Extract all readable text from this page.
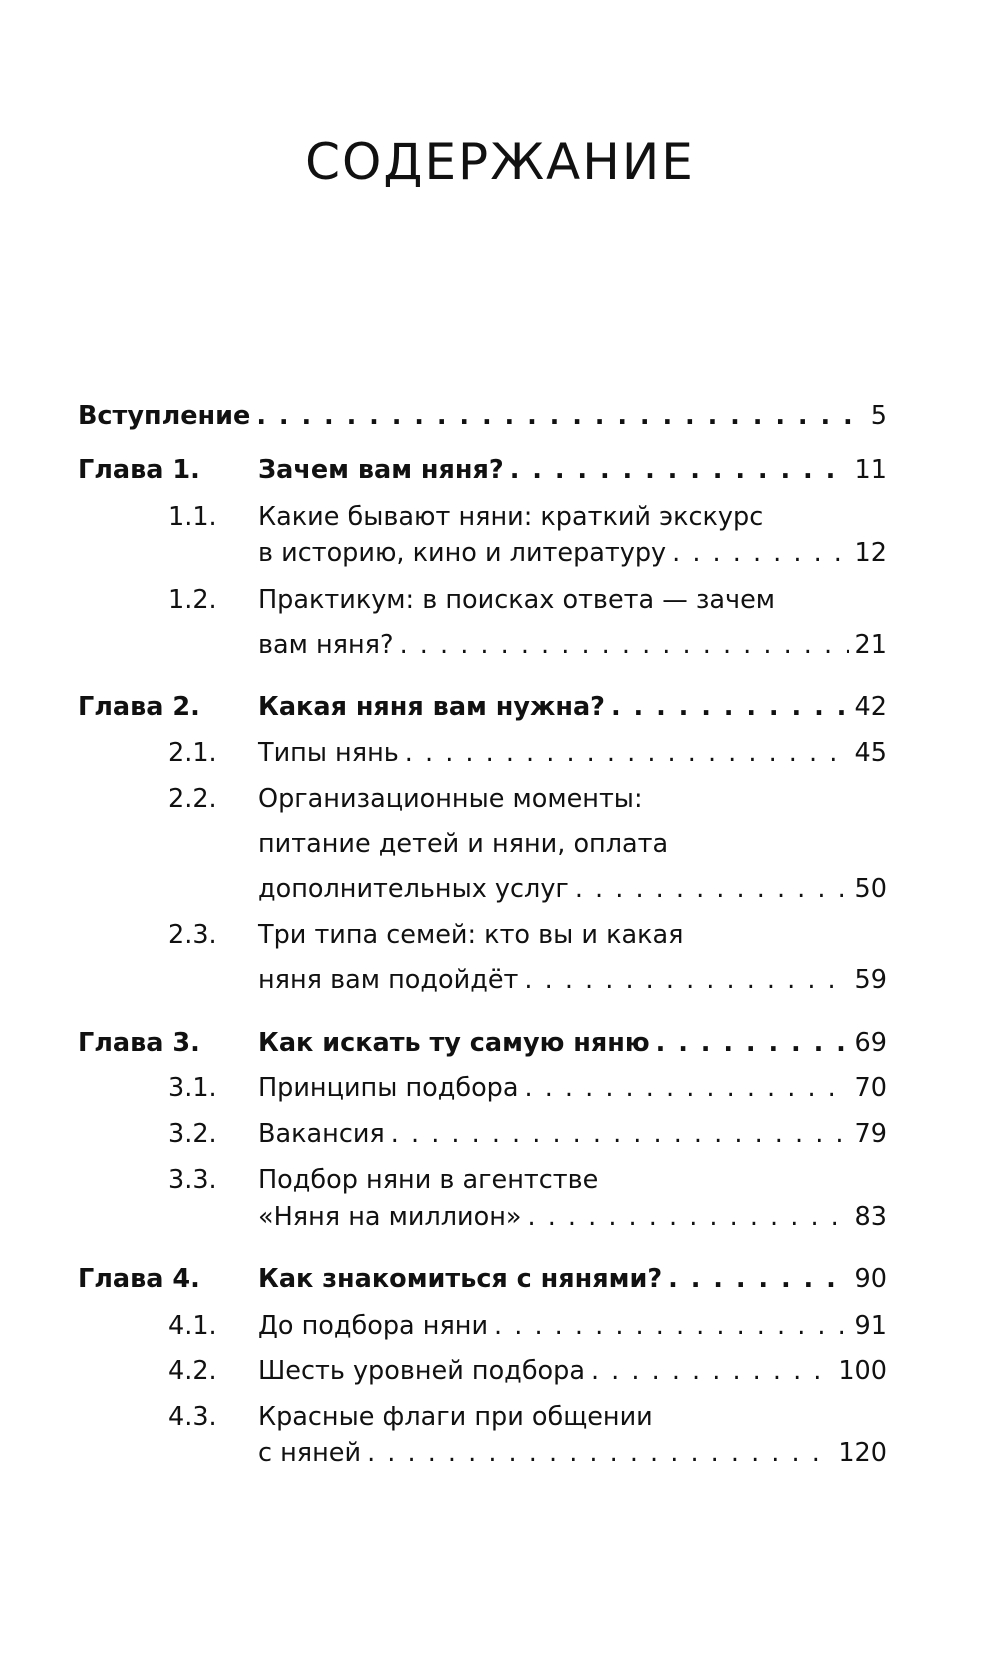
СОДЕРЖАНИЕ
Вступление . . .	5
Глава 1. Зачем вам няня? . . .	11
1.1. Какие бывают няни: краткий экскурс
в историю, кино и литературу . . .	12
1.2. Практикум: в поисках ответа — зачем
вам няня? . . .	21
Глава 2. Какая няня вам нужна? . . .	42
2.1. Типы нянь . . .	45
2.2. Организационные моменты:
питание детей и няни, оплата
дополнительных услуг . . .	50
2.3. Три типа семей: кто вы и какая
няня вам подойдёт . . .	59
Глава 3. Как искать ту самую няню . . .	69
3.1. Принципы подбора . . .	70
3.2. Вакансия . . .	79
3.3. Подбор няни в агентстве
«Няня на миллион» . . .	83
Глава 4. Как знакомиться с нянями? . . .	90
4.1. До подбора няни . . .	91
4.2. Шесть уровней подбора . . .	100
4.3. Красные флаги при общении
с няней . . .	120
